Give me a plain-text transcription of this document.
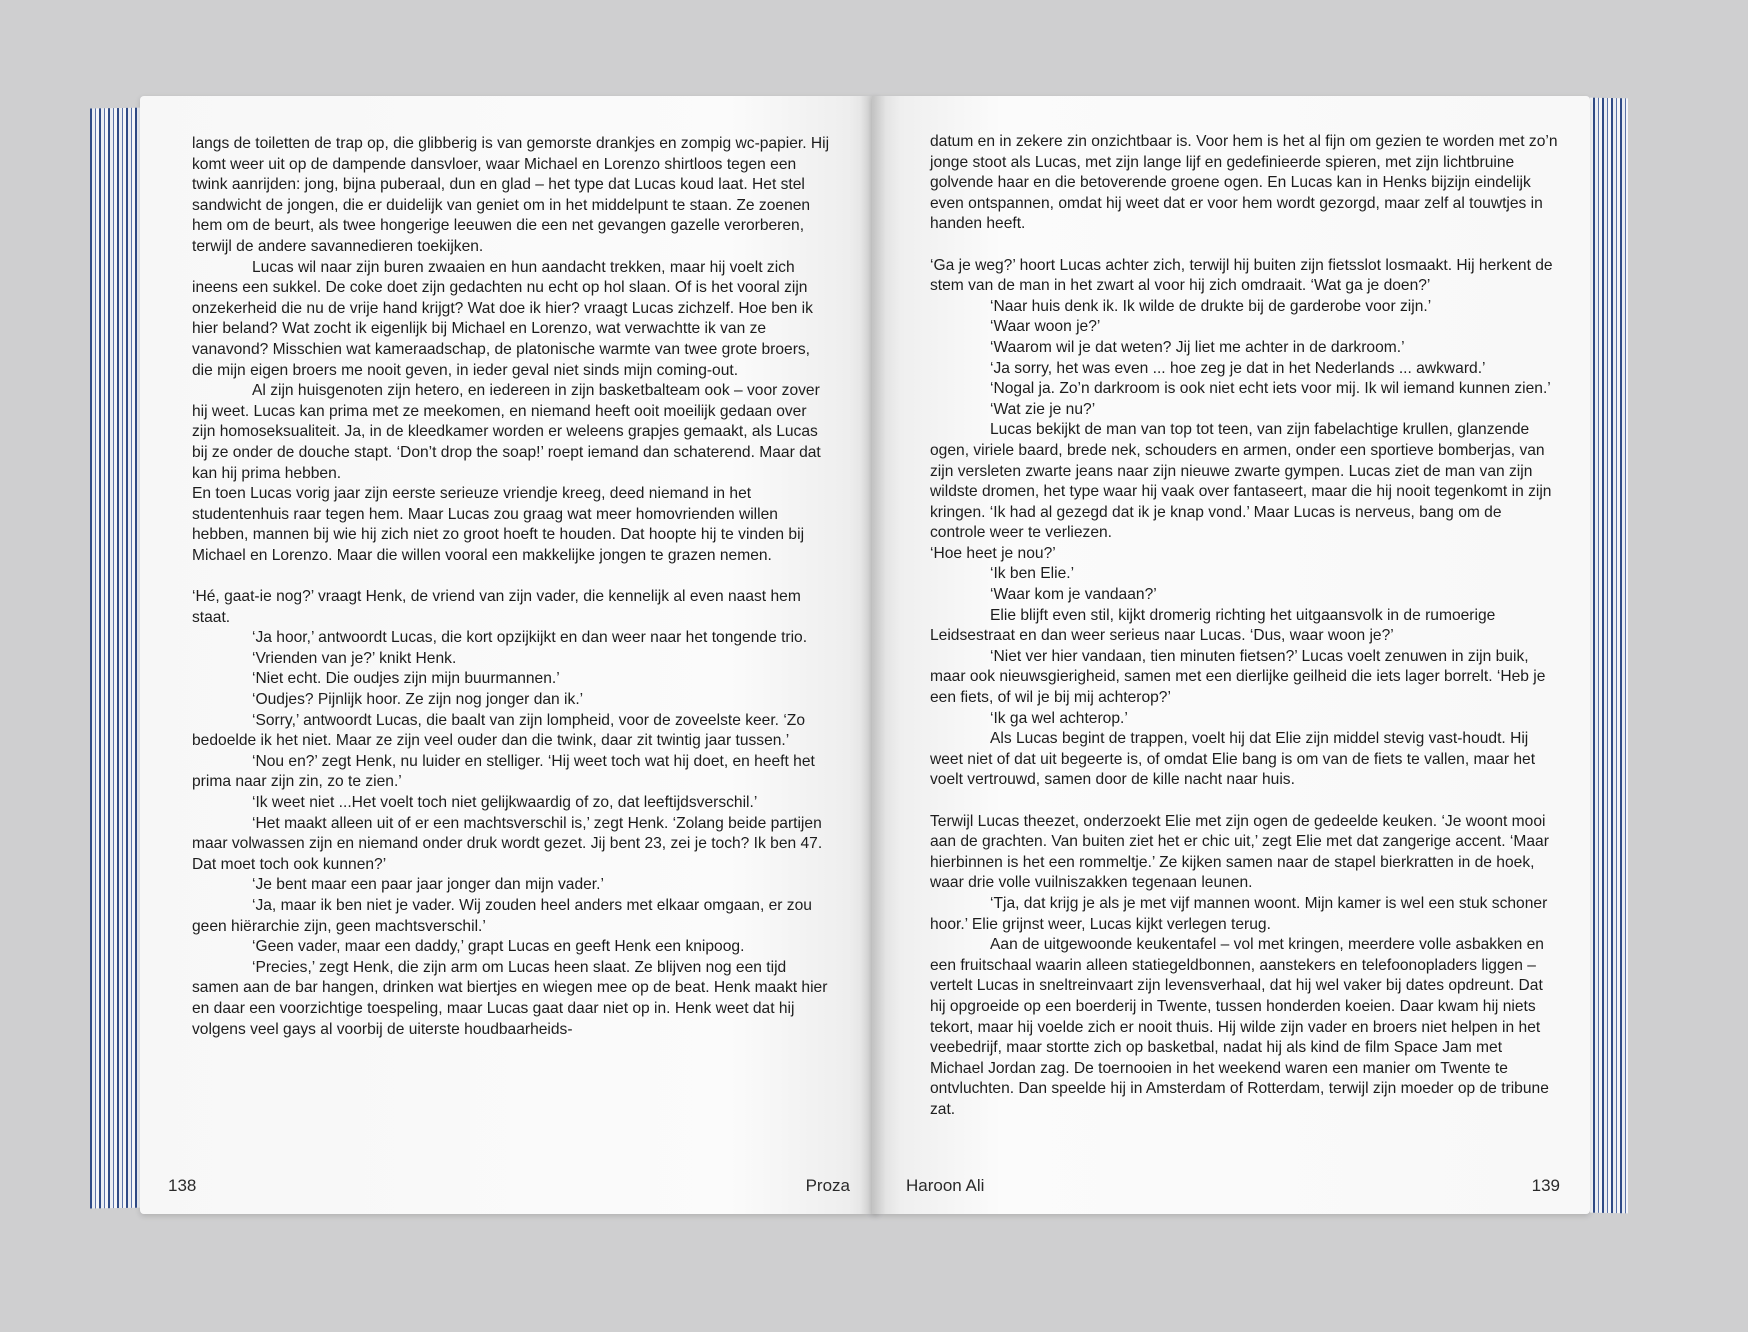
langs de toiletten de trap op, die glibberig is van gemorste drankjes en zompig wc-papier. Hij komt weer uit op de dampende dansvloer, waar Michael en Lorenzo shirtloos tegen een twink aanrijden: jong, bijna puberaal, dun en glad – het type dat Lucas koud laat. Het stel sandwicht de jongen, die er duidelijk van geniet om in het middelpunt te staan. Ze zoenen hem om de beurt, als twee hongerige leeuwen die een net gevangen gazelle verorberen, terwijl de andere savannedieren toekijken.

Lucas wil naar zijn buren zwaaien en hun aandacht trekken, maar hij voelt zich ineens een sukkel. De coke doet zijn gedachten nu echt op hol slaan. Of is het vooral zijn onzekerheid die nu de vrije hand krijgt? Wat doe ik hier? vraagt Lucas zichzelf. Hoe ben ik hier beland? Wat zocht ik eigenlijk bij Michael en Lorenzo, wat verwachtte ik van ze vanavond? Misschien wat kameraadschap, de platonische warmte van twee grote broers, die mijn eigen broers me nooit geven, in ieder geval niet sinds mijn coming-out.

Al zijn huisgenoten zijn hetero, en iedereen in zijn basketbalteam ook – voor zover hij weet. Lucas kan prima met ze meekomen, en niemand heeft ooit moeilijk gedaan over zijn homoseksualiteit. Ja, in de kleedkamer worden er weleens grapjes gemaakt, als Lucas bij ze onder de douche stapt. ‘Don’t drop the soap!’ roept iemand dan schaterend. Maar dat kan hij prima hebben.

En toen Lucas vorig jaar zijn eerste serieuze vriendje kreeg, deed niemand in het studentenhuis raar tegen hem. Maar Lucas zou graag wat meer homovrienden willen hebben, mannen bij wie hij zich niet zo groot hoeft te houden. Dat hoopte hij te vinden bij Michael en Lorenzo. Maar die willen vooral een makkelijke jongen te grazen nemen.

‘Hé, gaat-ie nog?’ vraagt Henk, de vriend van zijn vader, die kennelijk al even naast hem staat.

‘Ja hoor,’ antwoordt Lucas, die kort opzijkijkt en dan weer naar het tongende trio.

‘Vrienden van je?’ knikt Henk.

‘Niet echt. Die oudjes zijn mijn buurmannen.’

‘Oudjes? Pijnlijk hoor. Ze zijn nog jonger dan ik.’

‘Sorry,’ antwoordt Lucas, die baalt van zijn lompheid, voor de zoveelste keer. ‘Zo bedoelde ik het niet. Maar ze zijn veel ouder dan die twink, daar zit twintig jaar tussen.’

‘Nou en?’ zegt Henk, nu luider en stelliger. ‘Hij weet toch wat hij doet, en heeft het prima naar zijn zin, zo te zien.’

‘Ik weet niet ...Het voelt toch niet gelijkwaardig of zo, dat leeftijdsverschil.’

‘Het maakt alleen uit of er een machtsverschil is,’ zegt Henk. ‘Zolang beide partijen maar volwassen zijn en niemand onder druk wordt gezet. Jij bent 23, zei je toch? Ik ben 47. Dat moet toch ook kunnen?’

‘Je bent maar een paar jaar jonger dan mijn vader.’

‘Ja, maar ik ben niet je vader. Wij zouden heel anders met elkaar omgaan, er zou geen hiërarchie zijn, geen machtsverschil.’

‘Geen vader, maar een daddy,’ grapt Lucas en geeft Henk een knipoog.

‘Precies,’ zegt Henk, die zijn arm om Lucas heen slaat. Ze blijven nog een tijd samen aan de bar hangen, drinken wat biertjes en wiegen mee op de beat. Henk maakt hier en daar een voorzichtige toespeling, maar Lucas gaat daar niet op in. Henk weet dat hij volgens veel gays al voorbij de uiterste houdbaarheids-

138	Proza

datum en in zekere zin onzichtbaar is. Voor hem is het al fijn om gezien te worden met zo’n jonge stoot als Lucas, met zijn lange lijf en gedefinieerde spieren, met zijn lichtbruine golvende haar en die betoverende groene ogen. En Lucas kan in Henks bijzijn eindelijk even ontspannen, omdat hij weet dat er voor hem wordt gezorgd, maar zelf al touwtjes in handen heeft.

‘Ga je weg?’ hoort Lucas achter zich, terwijl hij buiten zijn fietsslot losmaakt. Hij herkent de stem van de man in het zwart al voor hij zich omdraait. ‘Wat ga je doen?’

‘Naar huis denk ik. Ik wilde de drukte bij de garderobe voor zijn.’

‘Waar woon je?’

‘Waarom wil je dat weten? Jij liet me achter in de darkroom.’

‘Ja sorry, het was even ... hoe zeg je dat in het Nederlands ... awkward.’

‘Nogal ja. Zo’n darkroom is ook niet echt iets voor mij. Ik wil iemand kunnen zien.’

‘Wat zie je nu?’

Lucas bekijkt de man van top tot teen, van zijn fabelachtige krullen, glanzende ogen, viriele baard, brede nek, schouders en armen, onder een sportieve bomberjas, van zijn versleten zwarte jeans naar zijn nieuwe zwarte gympen. Lucas ziet de man van zijn wildste dromen, het type waar hij vaak over fantaseert, maar die hij nooit tegenkomt in zijn kringen. ‘Ik had al gezegd dat ik je knap vond.’ Maar Lucas is nerveus, bang om de controle weer te verliezen.

‘Hoe heet je nou?’

‘Ik ben Elie.’

‘Waar kom je vandaan?’

Elie blijft even stil, kijkt dromerig richting het uitgaansvolk in de rumoerige Leidsestraat en dan weer serieus naar Lucas. ‘Dus, waar woon je?’

‘Niet ver hier vandaan, tien minuten fietsen?’ Lucas voelt zenuwen in zijn buik, maar ook nieuwsgierigheid, samen met een dierlijke geilheid die iets lager borrelt. ‘Heb je een fiets, of wil je bij mij achterop?’

‘Ik ga wel achterop.’

Als Lucas begint de trappen, voelt hij dat Elie zijn middel stevig vast-houdt. Hij weet niet of dat uit begeerte is, of omdat Elie bang is om van de fiets te vallen, maar het voelt vertrouwd, samen door de kille nacht naar huis.

Terwijl Lucas theezet, onderzoekt Elie met zijn ogen de gedeelde keuken. ‘Je woont mooi aan de grachten. Van buiten ziet het er chic uit,’ zegt Elie met dat zangerige accent. ‘Maar hierbinnen is het een rommeltje.’ Ze kijken samen naar de stapel bierkratten in de hoek, waar drie volle vuilniszakken tegenaan leunen.

‘Tja, dat krijg je als je met vijf mannen woont. Mijn kamer is wel een stuk schoner hoor.’ Elie grijnst weer, Lucas kijkt verlegen terug.

Aan de uitgewoonde keukentafel – vol met kringen, meerdere volle asbakken en een fruitschaal waarin alleen statiegeldbonnen, aanstekers en telefoonopladers liggen – vertelt Lucas in sneltreinvaart zijn levensverhaal, dat hij wel vaker bij dates opdreunt. Dat hij opgroeide op een boerderij in Twente, tussen honderden koeien. Daar kwam hij niets tekort, maar hij voelde zich er nooit thuis. Hij wilde zijn vader en broers niet helpen in het veebedrijf, maar stortte zich op basketbal, nadat hij als kind de film Space Jam met Michael Jordan zag. De toernooien in het weekend waren een manier om Twente te ontvluchten. Dan speelde hij in Amsterdam of Rotterdam, terwijl zijn moeder op de tribune zat.

Haroon Ali	139
